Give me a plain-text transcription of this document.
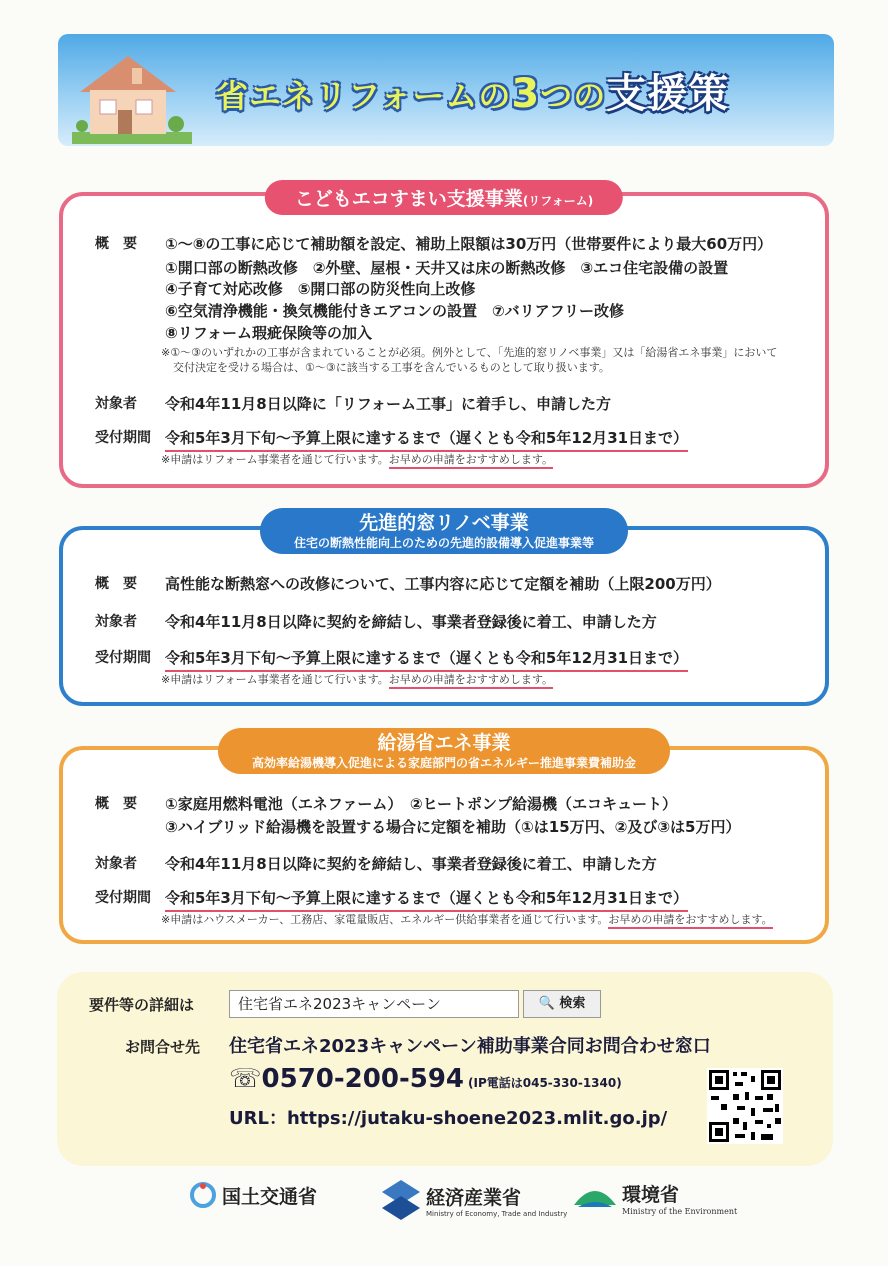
省エネリフォームの3つの支援策
こどもエコすまい支援事業(リフォーム)
概　要	①〜⑧の工事に応じて補助額を設定、補助上限額は30万円（世帯要件により最大60万円）
①開口部の断熱改修　②外壁、屋根・天井又は床の断熱改修　③エコ住宅設備の設置
④子育て対応改修　⑤開口部の防災性向上改修
⑥空気清浄機能・換気機能付きエアコンの設置　⑦バリアフリー改修
⑧リフォーム瑕疵保険等の加入
※①〜③のいずれかの工事が含まれていることが必須。例外として、「先進的窓リノベ事業」又は「給湯省エネ事業」において
交付決定を受ける場合は、①〜③に該当する工事を含んでいるものとして取り扱います。
対象者	令和4年11月8日以降に「リフォーム工事」に着手し、申請した方
受付期間 令和5年3月下旬〜予算上限に達するまで（遅くとも令和5年12月31日まで）
※申請はリフォーム事業者を通じて行います。お早めの申請をおすすめします。
先進的窓リノベ事業
住宅の断熱性能向上のための先進的設備導入促進事業等
概　要	高性能な断熱窓への改修について、工事内容に応じて定額を補助（上限200万円）
対象者	令和4年11月8日以降に契約を締結し、事業者登録後に着工、申請した方
受付期間 令和5年3月下旬〜予算上限に達するまで（遅くとも令和5年12月31日まで）
※申請はリフォーム事業者を通じて行います。お早めの申請をおすすめします。
給湯省エネ事業
高効率給湯機導入促進による家庭部門の省エネルギー推進事業費補助金
概　要	①家庭用燃料電池（エネファーム）　②ヒートポンプ給湯機（エコキュート）
③ハイブリッド給湯機を設置する場合に定額を補助（①は15万円、②及び③は5万円）
対象者	令和4年11月8日以降に契約を締結し、事業者登録後に着工、申請した方
受付期間 令和5年3月下旬〜予算上限に達するまで（遅くとも令和5年12月31日まで）
※申請はハウスメーカー、工務店、家電量販店、エネルギー供給事業者を通じて行います。お早めの申請をおすすめします。
要件等の詳細は	住宅省エネ2023キャンペーン	🔍 検索
お問合せ先 住宅省エネ2023キャンペーン補助事業合同お問合わせ窓口
☏0570-200-594 (IP電話は045-330-1340)
URL：https://jutaku-shoene2023.mlit.go.jp/
国土交通省	経済産業省
Ministry of Economy, Trade and Industry
環境省
Ministry of the Environment
